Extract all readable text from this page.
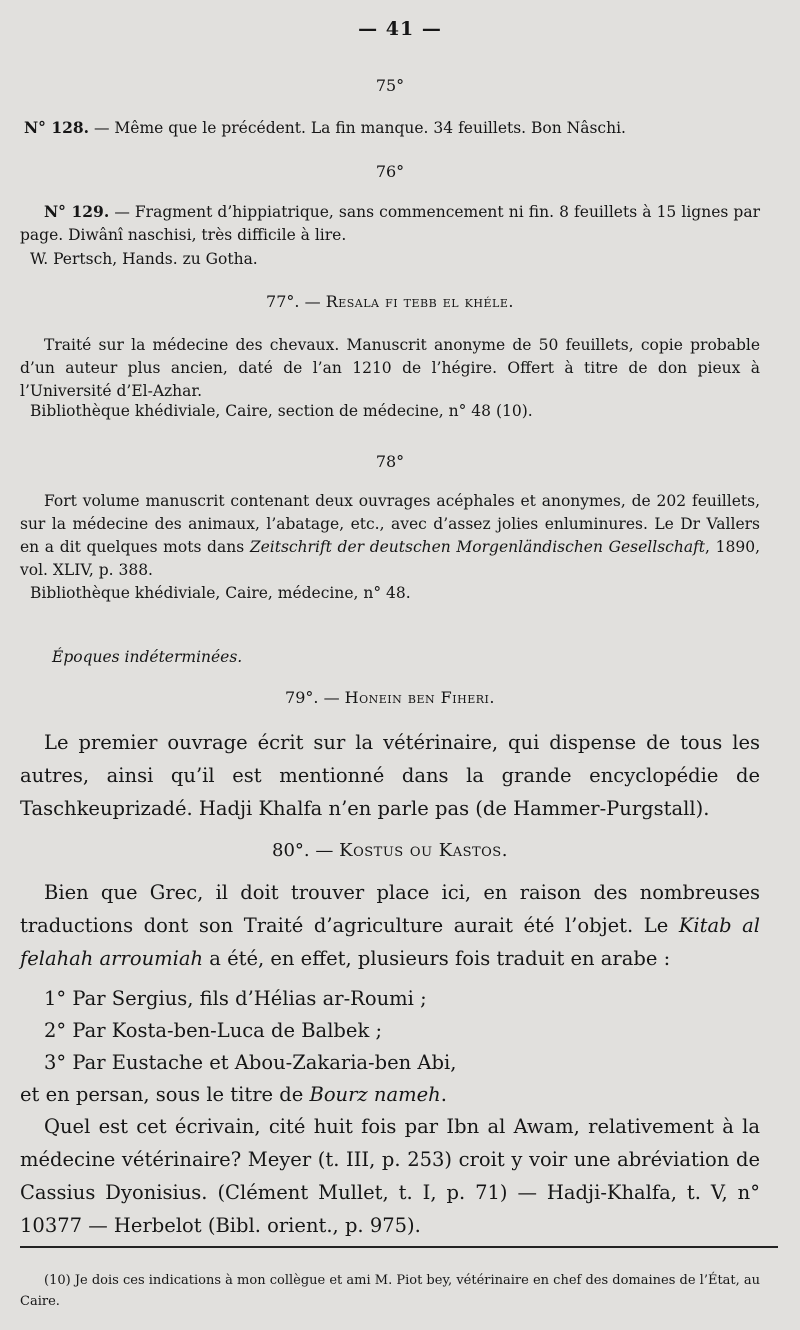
— 41 —
75°
N° 128. — Même que le précédent. La fin manque. 34 feuillets. Bon Nâschi.
76°
N° 129. — Fragment d’hippiatrique, sans commencement ni fin. 8 feuillets à 15 lignes par page. Diwânî naschisi, très difficile à lire.
W. Pertsch, Hands. zu Gotha.
77°. — Resala fi tebb el khéle.
Traité sur la médecine des chevaux. Manuscrit anonyme de 50 feuillets, copie probable d’un auteur plus ancien, daté de l’an 1210 de l’hégire. Offert à titre de don pieux à l’Université d’El-Azhar.
Bibliothèque khédiviale, Caire, section de médecine, n° 48 (10).
78°
Fort volume manuscrit contenant deux ouvrages acéphales et anonymes, de 202 feuillets, sur la médecine des animaux, l’abatage, etc., avec d’assez jolies enluminures. Le Dr Vallers en a dit quelques mots dans Zeitschrift der deutschen Morgenländischen Gesellschaft, 1890, vol. XLIV, p. 388.
Bibliothèque khédiviale, Caire, médecine, n° 48.
Époques indéterminées.
79°. — Honein ben Fiheri.
Le premier ouvrage écrit sur la vétérinaire, qui dispense de tous les autres, ainsi qu’il est mentionné dans la grande encyclopédie de Taschkeuprizadé. Hadji Khalfa n’en parle pas (de Hammer-Purgstall).
80°. — Kostus ou Kastos.
Bien que Grec, il doit trouver place ici, en raison des nombreuses traductions dont son Traité d’agriculture aurait été l’objet. Le Kitab al felahah arroumiah a été, en effet, plusieurs fois traduit en arabe :
1° Par Sergius, fils d’Hélias ar-Roumi ;
2° Par Kosta-ben-Luca de Balbek ;
3° Par Eustache et Abou-Zakaria-ben Abi,
et en persan, sous le titre de Bourz nameh.
Quel est cet écrivain, cité huit fois par Ibn al Awam, relativement à la médecine vétérinaire? Meyer (t. III, p. 253) croit y voir une abréviation de Cassius Dyonisius. (Clément Mullet, t. I, p. 71) — Hadji-Khalfa, t. V, n° 10377 — Herbelot (Bibl. orient., p. 975).
(10) Je dois ces indications à mon collègue et ami M. Piot bey, vétérinaire en chef des domaines de l’État, au Caire.
